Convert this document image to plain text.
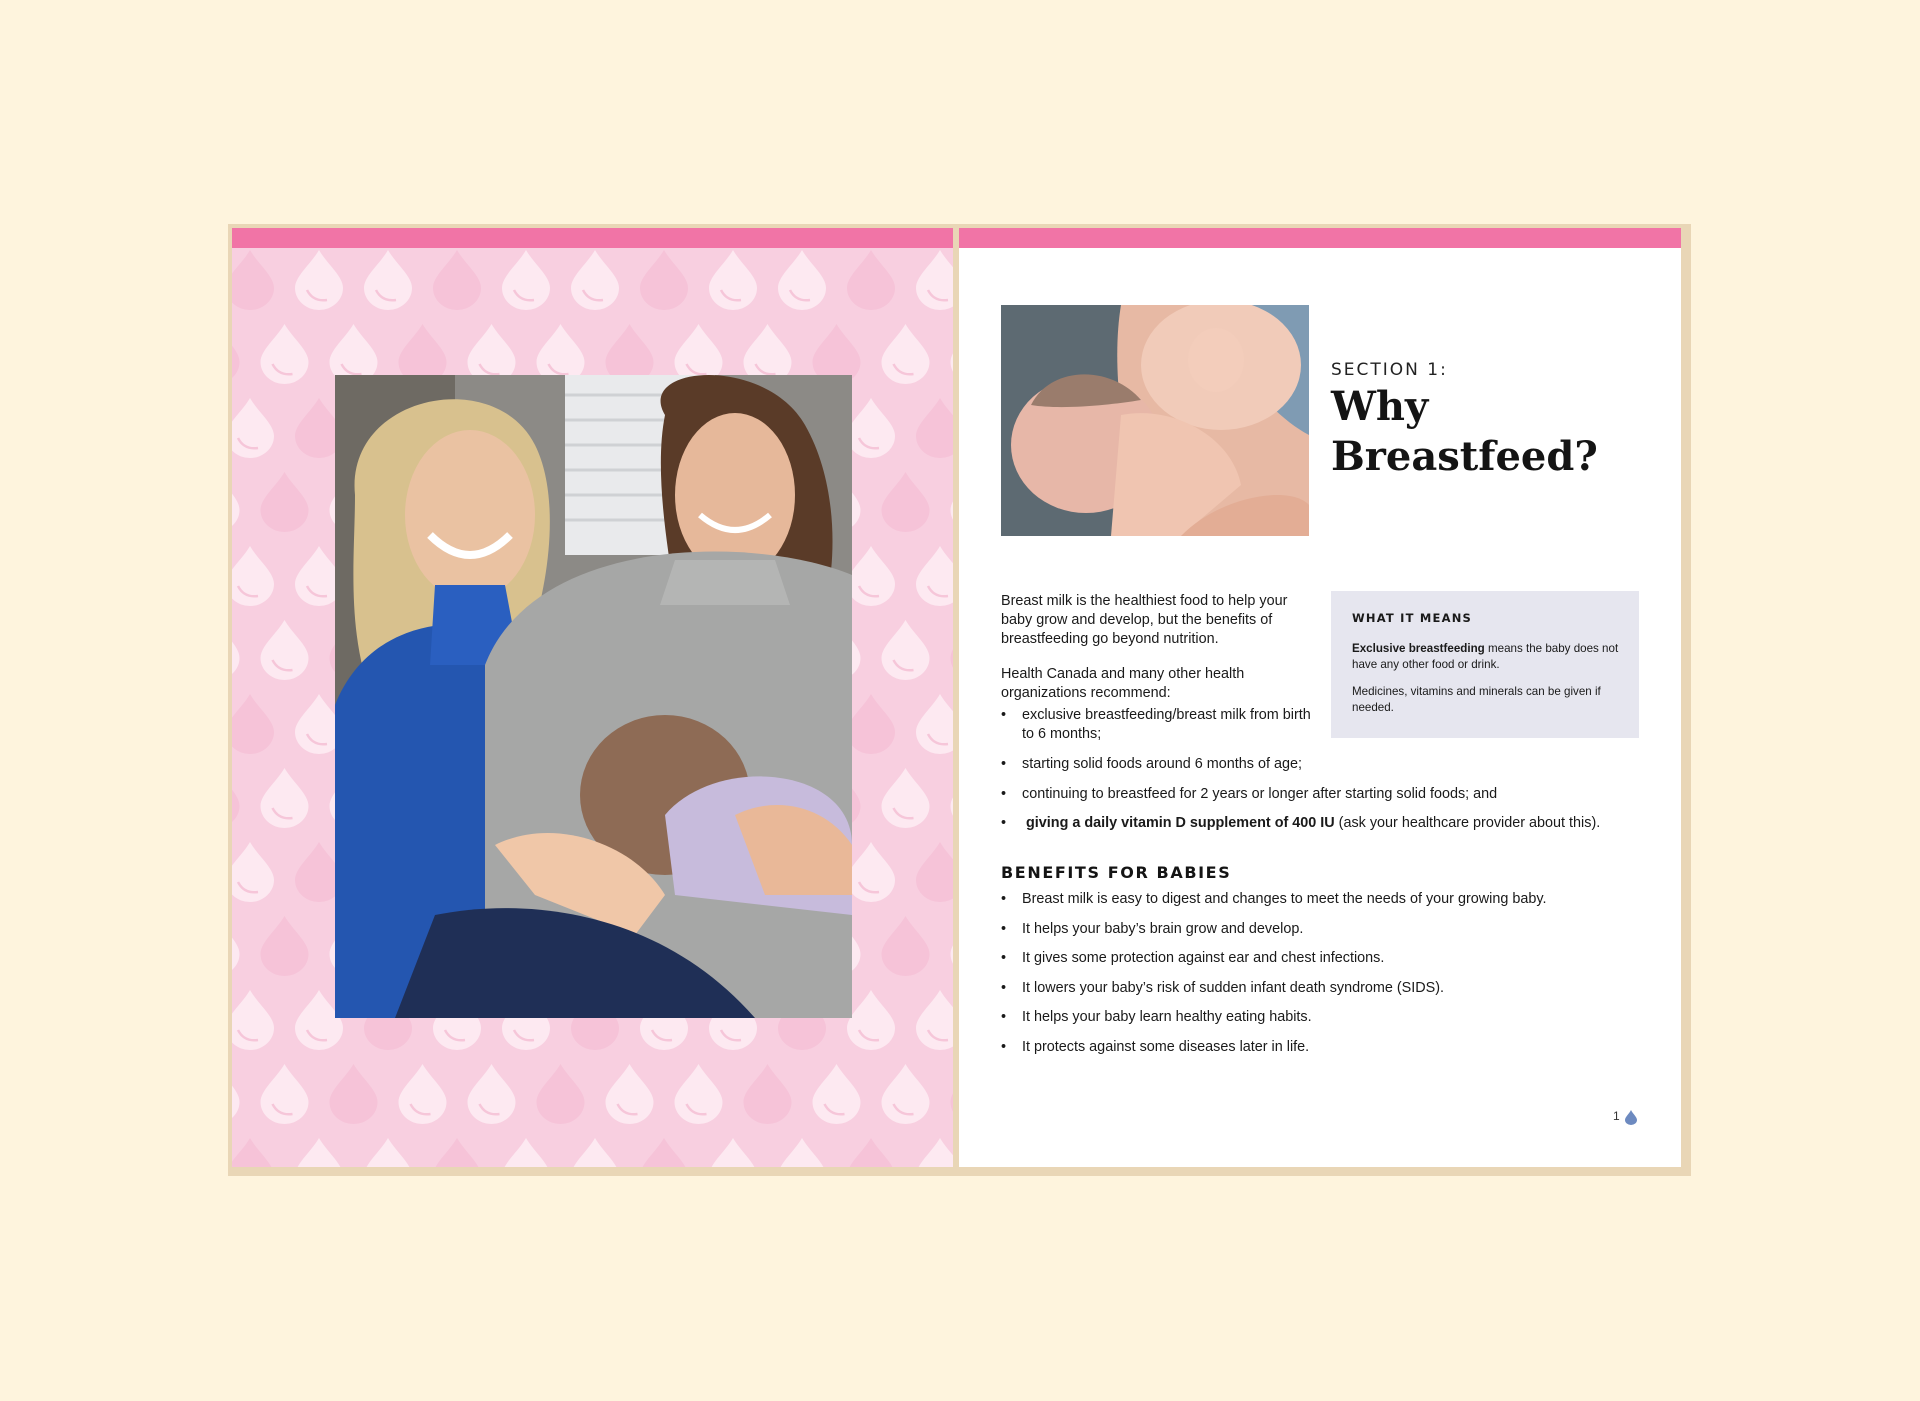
SECTION 1:
Why Breastfeed?

Breast milk is the healthiest food to help your baby grow and develop, but the benefits of breastfeeding go beyond nutrition.

Health Canada and many other health organizations recommend:

WHAT IT MEANS
Exclusive breastfeeding means the baby does not have any other food or drink.
Medicines, vitamins and minerals can be given if needed.
• exclusive breastfeeding/breast milk from birth to 6 months;
• starting solid foods around 6 months of age;
• continuing to breastfeed for 2 years or longer after starting solid foods; and
• giving a daily vitamin D supplement of 400 IU (ask your healthcare provider about this).
BENEFITS FOR BABIES
• Breast milk is easy to digest and changes to meet the needs of your growing baby.
• It helps your baby’s brain grow and develop.
• It gives some protection against ear and chest infections.
• It lowers your baby’s risk of sudden infant death syndrome (SIDS).
• It helps your baby learn healthy eating habits.
• It protects against some diseases later in life.
1
